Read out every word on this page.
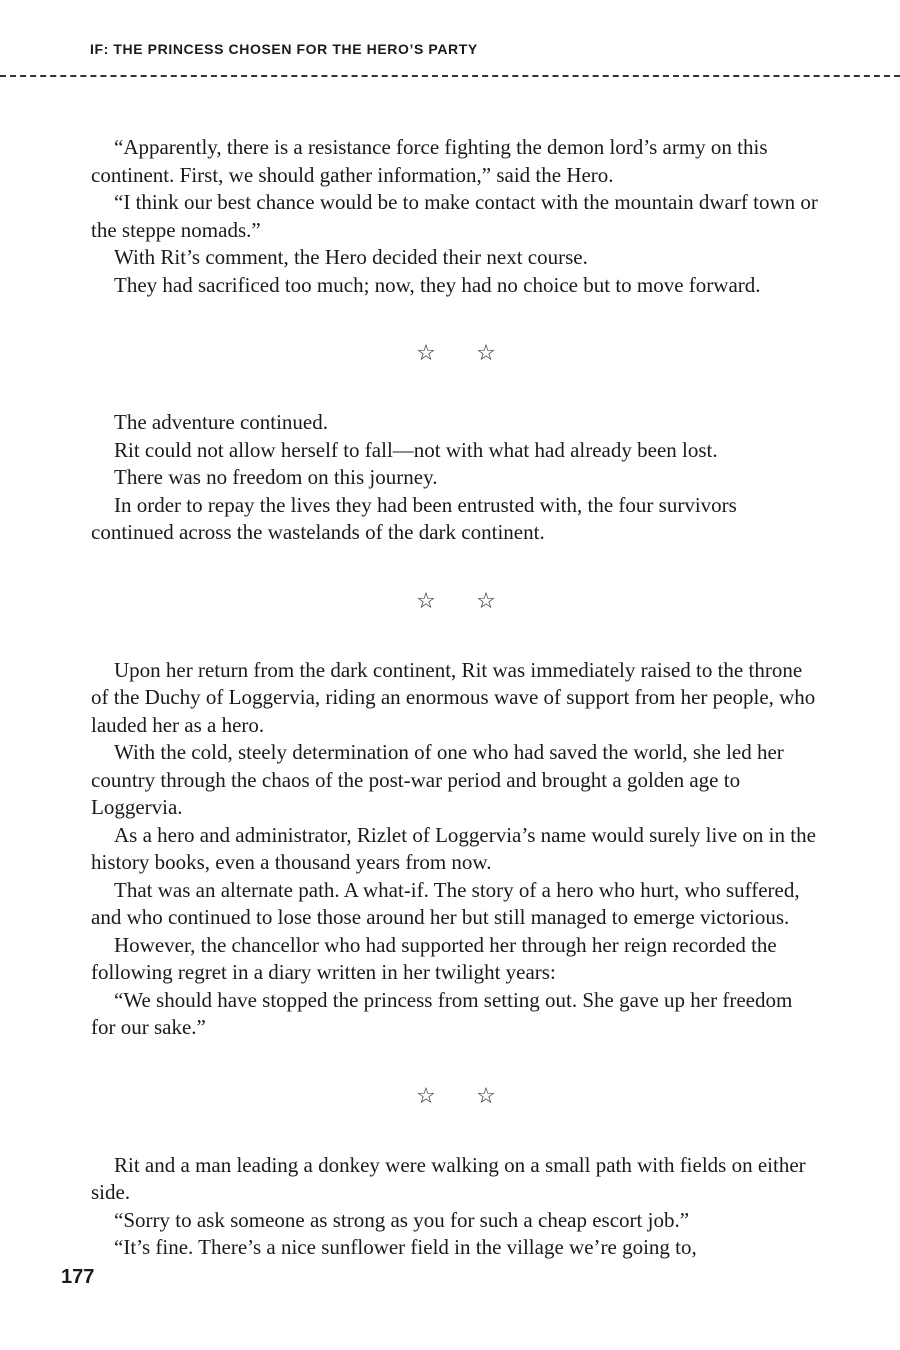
IF: THE PRINCESS CHOSEN FOR THE HERO’S PARTY

“Apparently, there is a resistance force fighting the demon lord’s army on this continent. First, we should gather information,” said the Hero.

“I think our best chance would be to make contact with the mountain dwarf town or the steppe nomads.”

With Rit’s comment, the Hero decided their next course.

They had sacrificed too much; now, they had no choice but to move forward.

☆ ☆

The adventure continued.

Rit could not allow herself to fall—not with what had already been lost.

There was no freedom on this journey.

In order to repay the lives they had been entrusted with, the four survivors continued across the wastelands of the dark continent.

☆ ☆

Upon her return from the dark continent, Rit was immediately raised to the throne of the Duchy of Loggervia, riding an enormous wave of support from her people, who lauded her as a hero.

With the cold, steely determination of one who had saved the world, she led her country through the chaos of the post-war period and brought a golden age to Loggervia.

As a hero and administrator, Rizlet of Loggervia’s name would surely live on in the history books, even a thousand years from now.

That was an alternate path. A what-if. The story of a hero who hurt, who suffered, and who continued to lose those around her but still managed to emerge victorious.

However, the chancellor who had supported her through her reign recorded the following regret in a diary written in her twilight years:

“We should have stopped the princess from setting out. She gave up her freedom for our sake.”

☆ ☆

Rit and a man leading a donkey were walking on a small path with fields on either side.

“Sorry to ask someone as strong as you for such a cheap escort job.”

“It’s fine. There’s a nice sunflower field in the village we’re going to,

177
